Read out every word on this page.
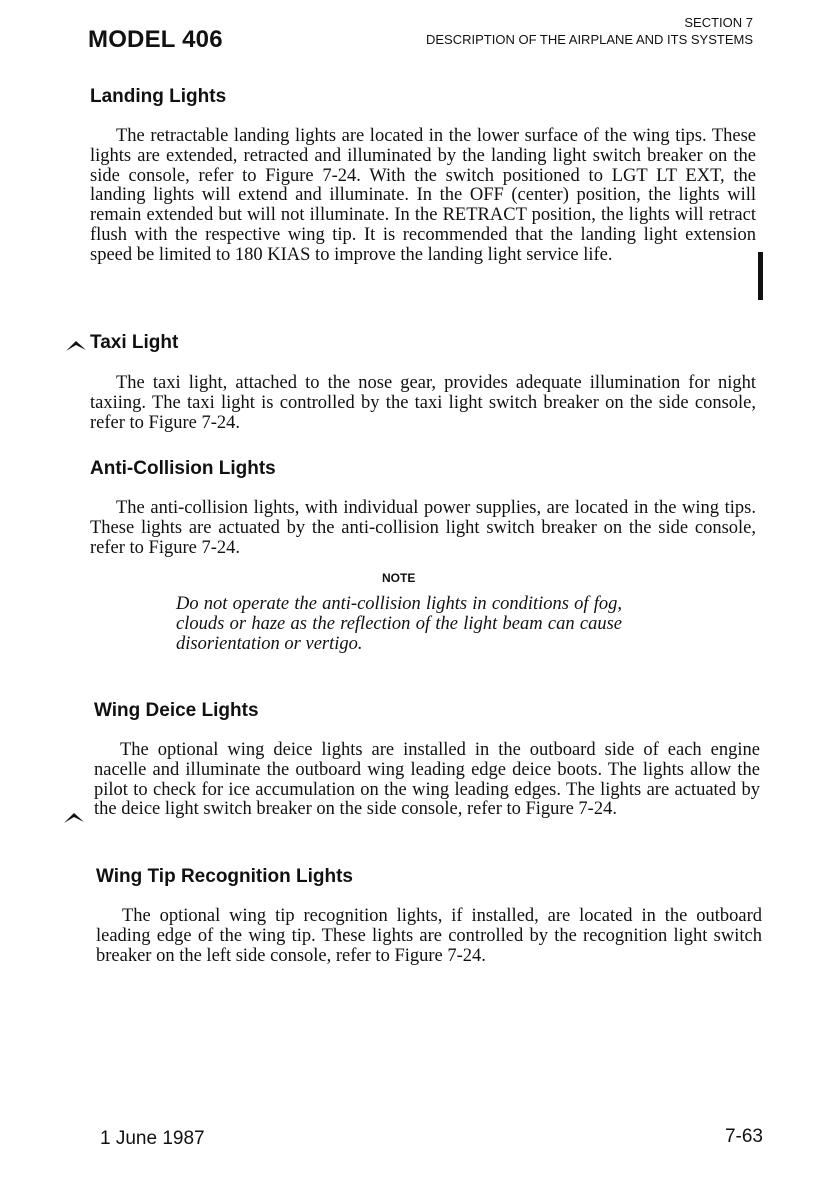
MODEL 406
SECTION 7
DESCRIPTION OF THE AIRPLANE AND ITS SYSTEMS
Landing Lights

The retractable landing lights are located in the lower surface of the wing tips. These lights are extended, retracted and illuminated by the landing light switch breaker on the side console, refer to Figure 7-24. With the switch positioned to LGT LT EXT, the landing lights will extend and illuminate. In the OFF (center) position, the lights will remain extended but will not illuminate. In the RETRACT position, the lights will retract flush with the respective wing tip. It is recommended that the landing light extension speed be limited to 180 KIAS to improve the landing light service life.

Taxi Light

The taxi light, attached to the nose gear, provides adequate illumination for night taxiing. The taxi light is controlled by the taxi light switch breaker on the side console, refer to Figure 7-24.

Anti-Collision Lights

The anti-collision lights, with individual power supplies, are located in the wing tips. These lights are actuated by the anti-collision light switch breaker on the side console, refer to Figure 7-24.

NOTE
Do not operate the anti-collision lights in conditions of fog, clouds or haze as the reflection of the light beam can cause disorientation or vertigo.
Wing Deice Lights

The optional wing deice lights are installed in the outboard side of each engine nacelle and illuminate the outboard wing leading edge deice boots. The lights allow the pilot to check for ice accumulation on the wing leading edges. The lights are actuated by the deice light switch breaker on the side console, refer to Figure 7-24.

Wing Tip Recognition Lights

The optional wing tip recognition lights, if installed, are located in the outboard leading edge of the wing tip. These lights are controlled by the recognition light switch breaker on the left side console, refer to Figure 7-24.

1 June 1987	7-63
